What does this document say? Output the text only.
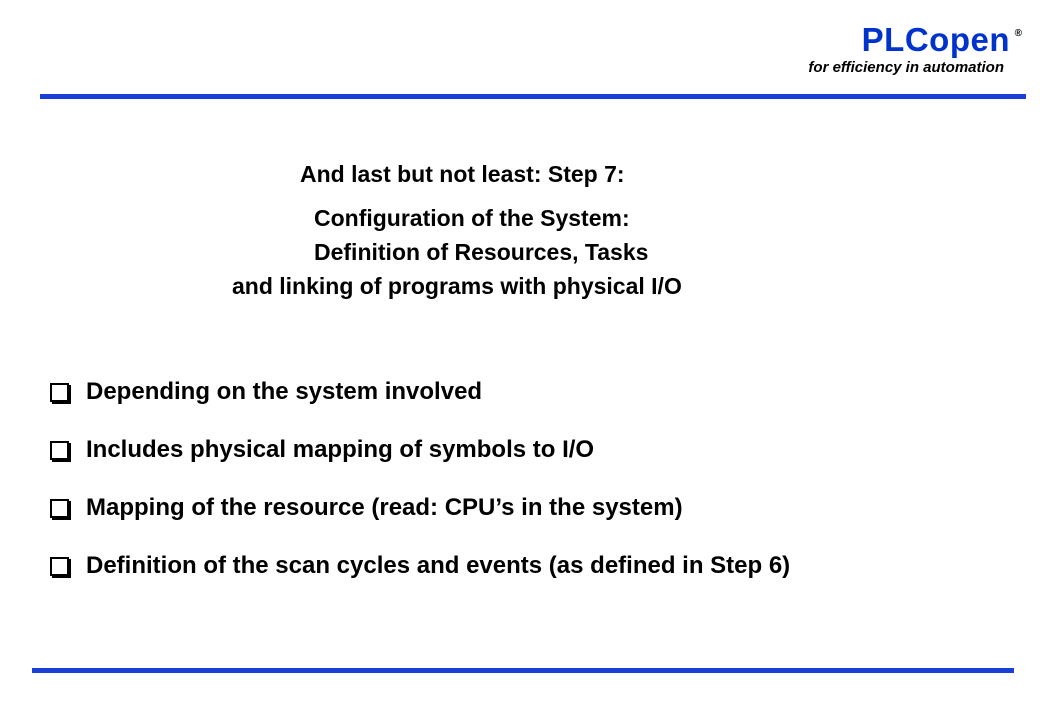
PLCopen ®
for efficiency in automation
And last but not least: Step 7:
Configuration of the System:
Definition of Resources, Tasks
and linking of programs with physical I/O
Depending on the system involved
Includes physical mapping of symbols to I/O
Mapping of the resource (read: CPU’s in the system)
Definition of the scan cycles and events (as defined in Step 6)
